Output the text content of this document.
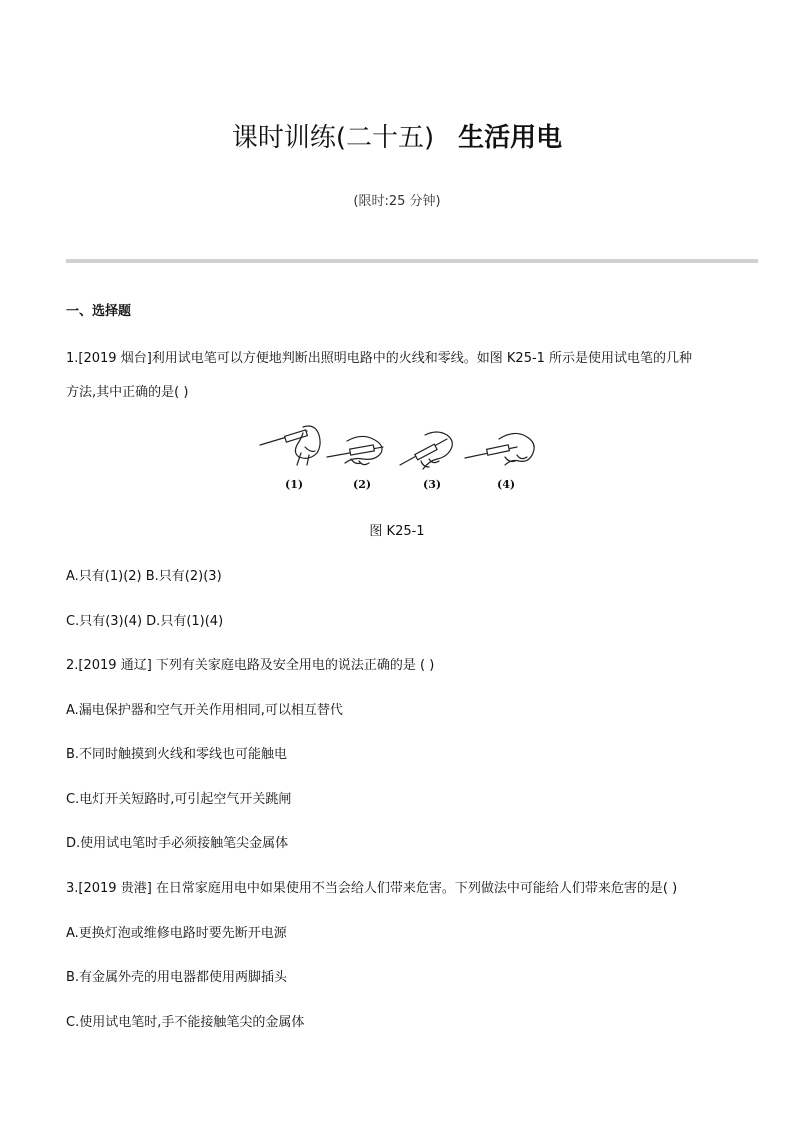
课时训练(二十五) 生活用电
(限时:25 分钟)
一、选择题
1.[2019 烟台]利用试电笔可以方便地判断出照明电路中的火线和零线。如图 K25-1 所示是使用试电笔的几种
方法,其中正确的是( )
(1)	(2)	(3)	(4)
图 K25-1
A.只有(1)(2) B.只有(2)(3)
C.只有(3)(4) D.只有(1)(4)
2.[2019 通辽] 下列有关家庭电路及安全用电的说法正确的是 ( )
A.漏电保护器和空气开关作用相同,可以相互替代
B.不同时触摸到火线和零线也可能触电
C.电灯开关短路时,可引起空气开关跳闸
D.使用试电笔时手必须接触笔尖金属体
3.[2019 贵港] 在日常家庭用电中如果使用不当会给人们带来危害。下列做法中可能给人们带来危害的是( )
A.更换灯泡或维修电路时要先断开电源
B.有金属外壳的用电器都使用两脚插头
C.使用试电笔时,手不能接触笔尖的金属体
